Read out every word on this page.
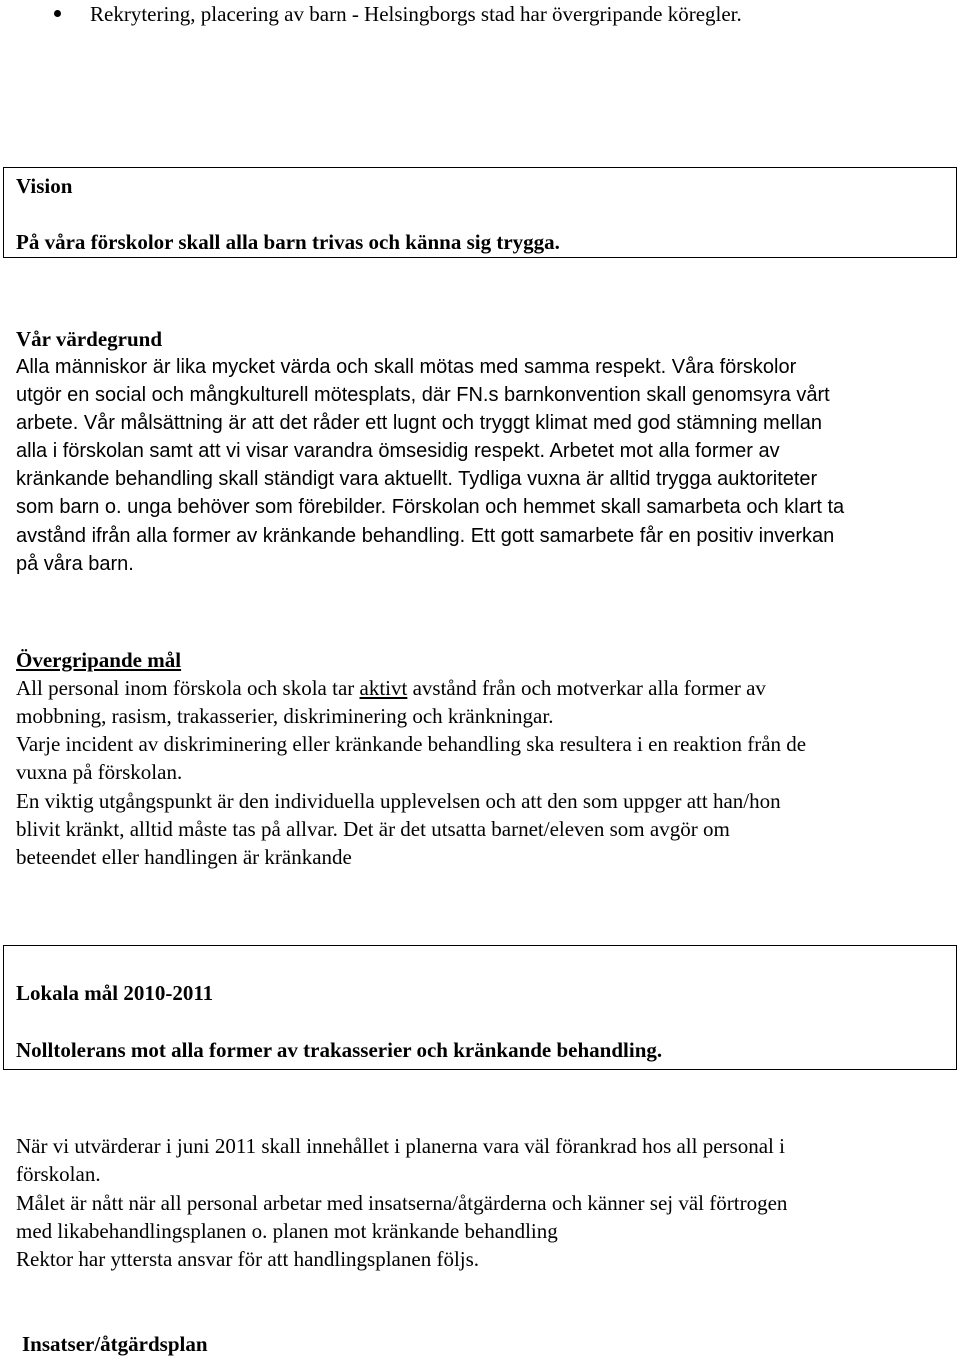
Rekrytering, placering av barn - Helsingborgs stad har övergripande köregler.
Vision
På våra förskolor skall alla barn trivas och känna sig trygga.
Vår värdegrund
Alla människor är lika mycket värda och skall mötas med samma respekt. Våra förskolor
utgör en social och mångkulturell mötesplats, där FN.s barnkonvention skall genomsyra vårt
arbete. Vår målsättning är att det råder ett lugnt och tryggt klimat med god stämning mellan
alla i förskolan samt att vi visar varandra ömsesidig respekt. Arbetet mot alla former av
kränkande behandling skall ständigt vara aktuellt. Tydliga vuxna är alltid trygga auktoriteter
som barn o. unga behöver som förebilder. Förskolan och hemmet skall samarbeta och klart ta
avstånd ifrån alla former av kränkande behandling. Ett gott samarbete får en positiv inverkan
på våra barn.
Övergripande mål
All personal inom förskola och skola tar aktivt avstånd från och motverkar alla former av
mobbning, rasism, trakasserier, diskriminering och kränkningar.
Varje incident av diskriminering eller kränkande behandling ska resultera i en reaktion från de
vuxna på förskolan.
En viktig utgångspunkt är den individuella upplevelsen och att den som uppger att han/hon
blivit kränkt, alltid måste tas på allvar. Det är det utsatta barnet/eleven som avgör om
beteendet eller handlingen är kränkande
Lokala mål 2010-2011
Nolltolerans mot alla former av trakasserier och kränkande behandling.
När vi utvärderar i juni 2011 skall innehållet i planerna vara väl förankrad hos all personal i
förskolan.
Målet är nått när all personal arbetar med insatserna/åtgärderna och känner sej väl förtrogen
med likabehandlingsplanen o. planen mot kränkande behandling
Rektor har yttersta ansvar för att handlingsplanen följs.
Insatser/åtgärdsplan
